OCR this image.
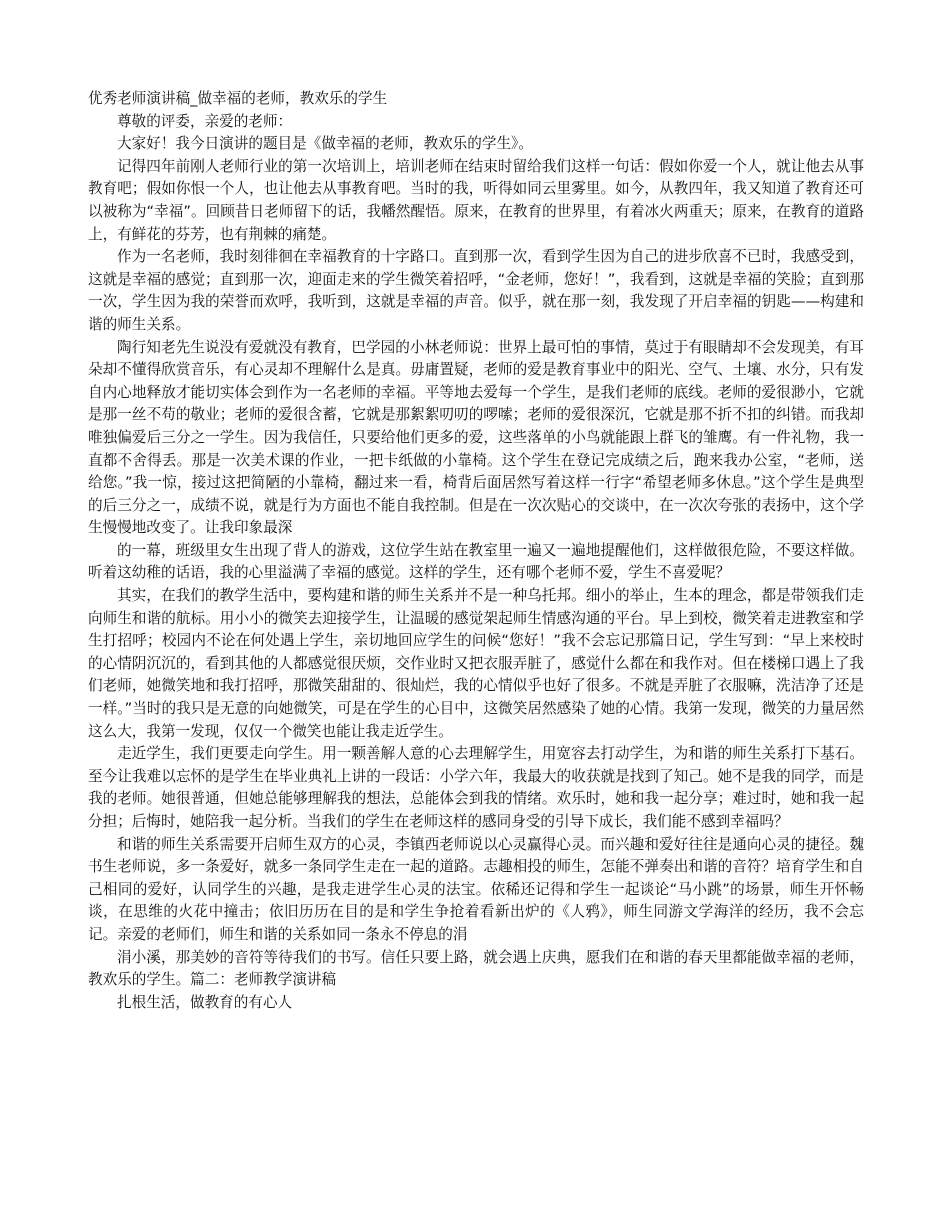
优秀老师演讲稿_做幸福的老师，教欢乐的学生

尊敬的评委，亲爱的老师：

大家好！我今日演讲的题目是《做幸福的老师，教欢乐的学生》。

记得四年前刚人老师行业的第一次培训上，培训老师在结束时留给我们这样一句话：假如你爱一个人，就让他去从事教育吧；假如你恨一个人，也让他去从事教育吧。当时的我，听得如同云里雾里。如今，从教四年，我又知道了教育还可以被称为“幸福”。回顾昔日老师留下的话，我幡然醒悟。原来，在教育的世界里，有着冰火两重天；原来，在教育的道路上，有鲜花的芬芳，也有荆棘的痛楚。

作为一名老师，我时刻徘徊在幸福教育的十字路口。直到那一次，看到学生因为自己的进步欣喜不已时，我感受到，这就是幸福的感觉；直到那一次，迎面走来的学生微笑着招呼，“金老师，您好！”，我看到，这就是幸福的笑脸；直到那一次，学生因为我的荣誉而欢呼，我听到，这就是幸福的声音。似乎，就在那一刻，我发现了开启幸福的钥匙——构建和谐的师生关系。

陶行知老先生说没有爱就没有教育，巴学园的小林老师说：世界上最可怕的事情，莫过于有眼睛却不会发现美，有耳朵却不懂得欣赏音乐，有心灵却不理解什么是真。毋庸置疑，老师的爱是教育事业中的阳光、空气、土壤、水分，只有发自内心地释放才能切实体会到作为一名老师的幸福。平等地去爱每一个学生，是我们老师的底线。老师的爱很渺小，它就是那一丝不苟的敬业；老师的爱很含蓄，它就是那絮絮叨叨的啰嗦；老师的爱很深沉，它就是那不折不扣的纠错。而我却唯独偏爱后三分之一学生。因为我信任，只要给他们更多的爱，这些落单的小鸟就能跟上群飞的雏鹰。有一件礼物，我一直都不舍得丢。那是一次美术课的作业，一把卡纸做的小靠椅。这个学生在登记完成绩之后，跑来我办公室，“老师，送给您。”我一惊，接过这把简陋的小靠椅，翻过来一看，椅背后面居然写着这样一行字“希望老师多休息。”这个学生是典型的后三分之一，成绩不说，就是行为方面也不能自我控制。但是在一次次贴心的交谈中，在一次次夸张的表扬中，这个学生慢慢地改变了。让我印象最深

的一幕，班级里女生出现了背人的游戏，这位学生站在教室里一遍又一遍地提醒他们，这样做很危险，不要这样做。听着这幼稚的话语，我的心里溢满了幸福的感觉。这样的学生，还有哪个老师不爱，学生不喜爱呢？

其实，在我们的教学生活中，要构建和谐的师生关系并不是一种乌托邦。细小的举止，生本的理念，都是带领我们走向师生和谐的航标。用小小的微笑去迎接学生，让温暖的感觉架起师生情感沟通的平台。早上到校，微笑着走进教室和学生打招呼；校园内不论在何处遇上学生，亲切地回应学生的问候“您好！”我不会忘记那篇日记，学生写到：“早上来校时的心情阴沉沉的，看到其他的人都感觉很厌烦，交作业时又把衣服弄脏了，感觉什么都在和我作对。但在楼梯口遇上了我们老师，她微笑地和我打招呼，那微笑甜甜的、很灿烂，我的心情似乎也好了很多。不就是弄脏了衣服嘛，洗洁净了还是一样。”当时的我只是无意的向她微笑，可是在学生的心目中，这微笑居然感染了她的心情。我第一发现，微笑的力量居然这么大，我第一发现，仅仅一个微笑也能让我走近学生。

走近学生，我们更要走向学生。用一颗善解人意的心去理解学生，用宽容去打动学生，为和谐的师生关系打下基石。至今让我难以忘怀的是学生在毕业典礼上讲的一段话：小学六年，我最大的收获就是找到了知己。她不是我的同学，而是我的老师。她很普通，但她总能够理解我的想法，总能体会到我的情绪。欢乐时，她和我一起分享；难过时，她和我一起分担；后悔时，她陪我一起分析。当我们的学生在老师这样的感同身受的引导下成长，我们能不感到幸福吗？

和谐的师生关系需要开启师生双方的心灵，李镇西老师说以心灵赢得心灵。而兴趣和爱好往往是通向心灵的捷径。魏书生老师说，多一条爱好，就多一条同学生走在一起的道路。志趣相投的师生，怎能不弹奏出和谐的音符？培育学生和自己相同的爱好，认同学生的兴趣，是我走进学生心灵的法宝。依稀还记得和学生一起谈论“马小跳”的场景，师生开怀畅谈，在思维的火花中撞击；依旧历历在目的是和学生争抢着看新出炉的《人鸦》，师生同游文学海洋的经历，我不会忘记。亲爱的老师们，师生和谐的关系如同一条永不停息的涓

涓小溪，那美妙的音符等待我们的书写。信任只要上路，就会遇上庆典，愿我们在和谐的春天里都能做幸福的老师，教欢乐的学生。篇二：老师教学演讲稿

扎根生活，做教育的有心人
